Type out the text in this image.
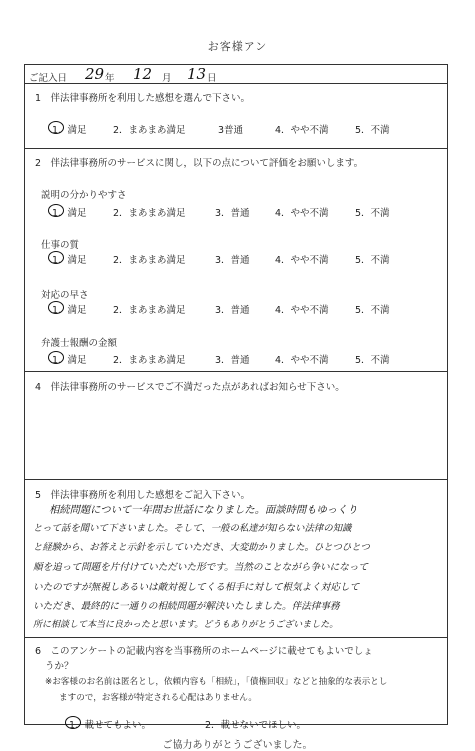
お客様アン
ご記入日 29 年 12 月 13 日
1　伴法律事務所を利用した感想を選んで下さい。
1．満足	2．まあまあ満足	3普通	4．やや不満	5．不満
2　伴法律事務所のサービスに関し，以下の点について評価をお願いします。
説明の分かりやすさ
1．満足	2．まあまあ満足	3．普通	4．やや不満	5．不満
仕事の質
1．満足	2．まあまあ満足	3．普通	4．やや不満	5．不満
対応の早さ
1．満足	2．まあまあ満足	3．普通	4．やや不満	5．不満
弁護士報酬の金額
1．満足	2．まあまあ満足	3．普通	4．やや不満	5．不満
4　伴法律事務所のサービスでご不満だった点があればお知らせ下さい。
5　伴法律事務所を利用した感想をご記入下さい。
相続問題について一年間お世話になりました。面談時間もゆっくり
とって話を聞いて下さいました。そして、一般の私達が知らない法律の知識
と経験から、お答えと示針を示していただき、大変助かりました。ひとつひとつ
順を追って問題を片付けていただいた形です。当然のことながら争いになって
いたのですが無視しあるいは敵対視してくる相手に対して根気よく対応して
いただき、最終的に一通りの相続問題が解決いたしました。伴法律事務
所に相談して本当に良かったと思います。どうもありがとうございました。
6　このアンケートの記載内容を当事務所のホームページに載せてもよいでしょ
うか？
※お客様のお名前は匿名とし，依頼内容も「相続」，「債権回収」などと抽象的な表示とし
ますので，お客様が特定される心配はありません。
1．載せてもよい。	2．載せないでほしい。
ご協力ありがとうございました。
